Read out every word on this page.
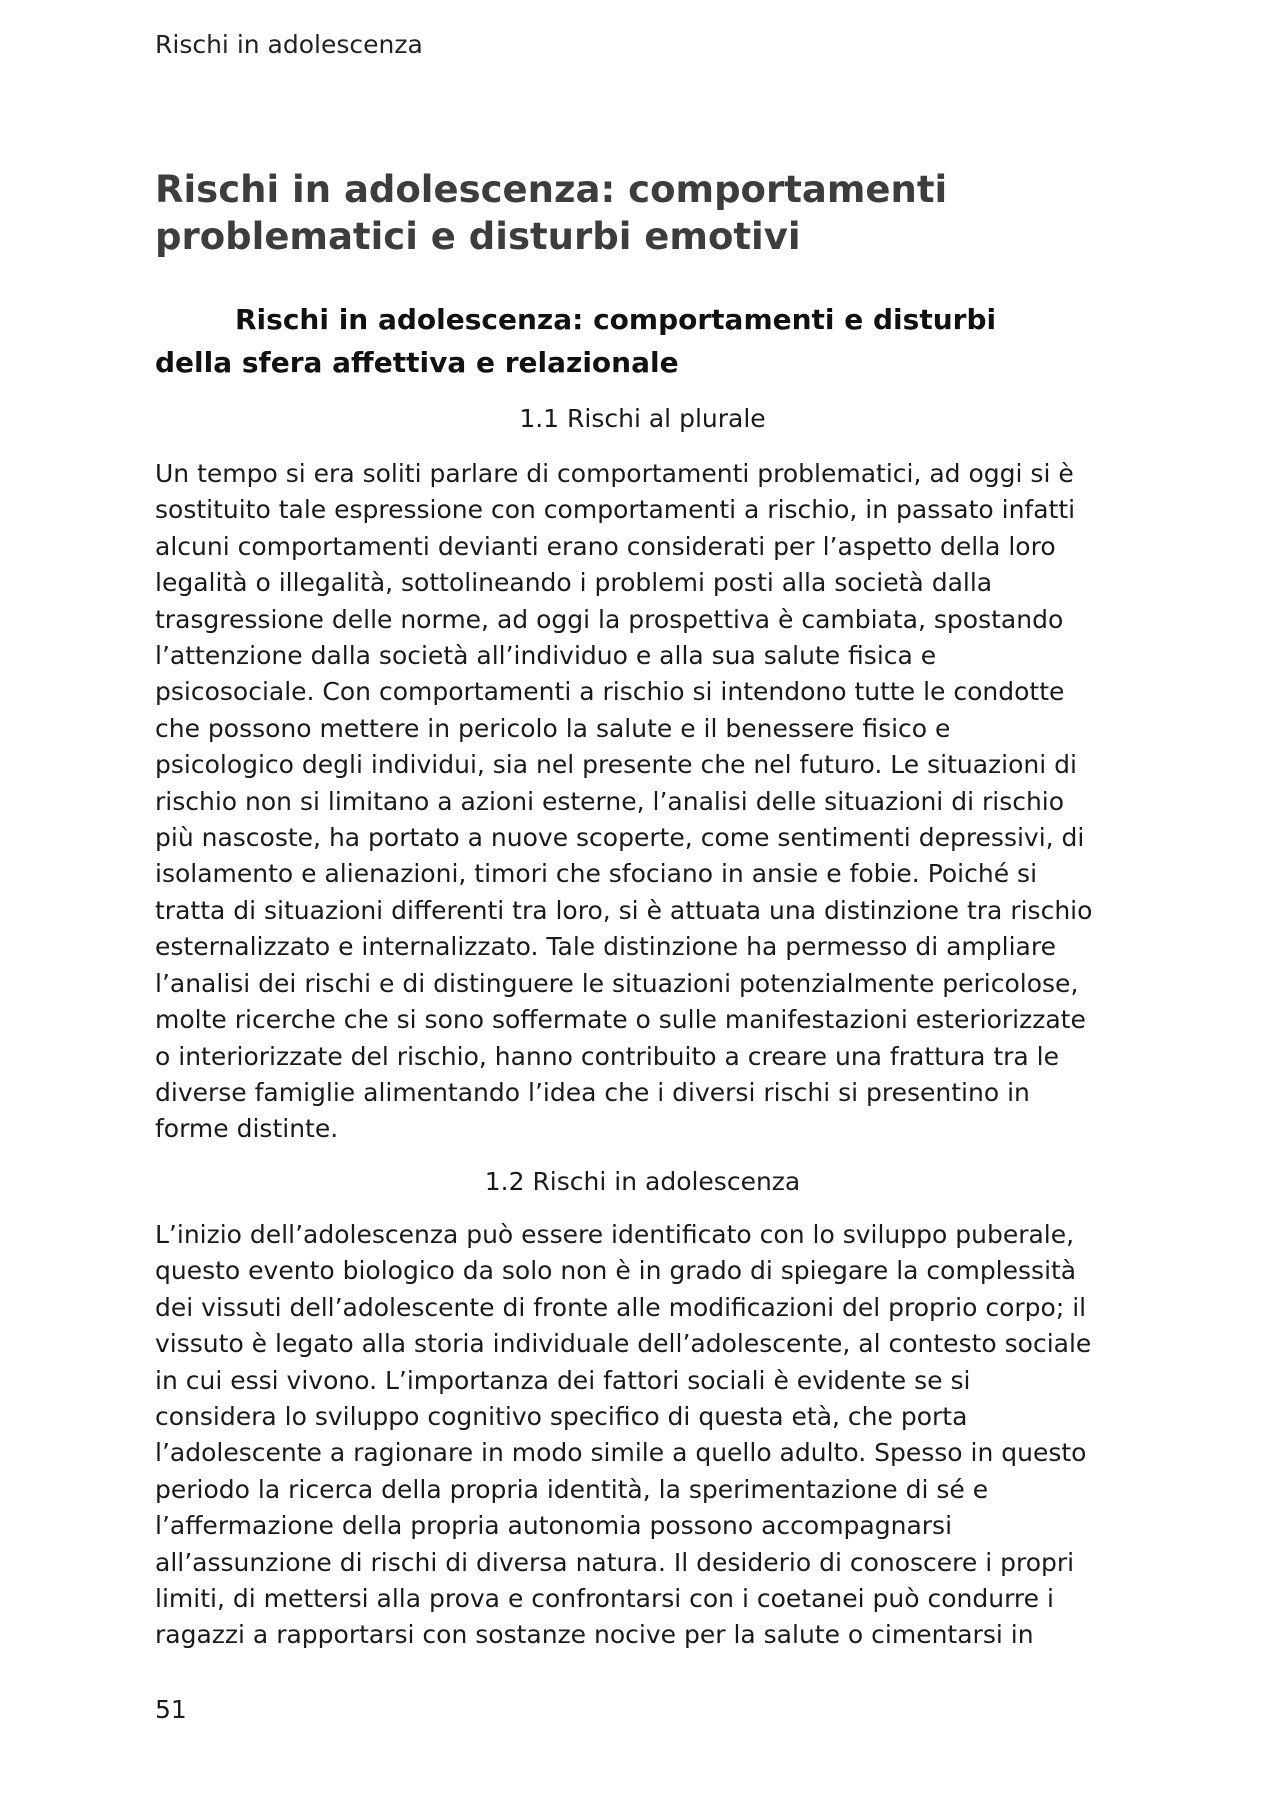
Rischi in adolescenza
Rischi in adolescenza: comportamenti
problematici e disturbi emotivi
Rischi in adolescenza: comportamenti e disturbi
della sfera affettiva e relazionale
1.1 Rischi al plurale
Un tempo si era soliti parlare di comportamenti problematici, ad oggi si è
sostituito tale espressione con comportamenti a rischio, in passato infatti
alcuni comportamenti devianti erano considerati per l’aspetto della loro
legalità o illegalità, sottolineando i problemi posti alla società dalla
trasgressione delle norme, ad oggi la prospettiva è cambiata, spostando
l’attenzione dalla società all’individuo e alla sua salute fisica e
psicosociale. Con comportamenti a rischio si intendono tutte le condotte
che possono mettere in pericolo la salute e il benessere fisico e
psicologico degli individui, sia nel presente che nel futuro. Le situazioni di
rischio non si limitano a azioni esterne, l’analisi delle situazioni di rischio
più nascoste, ha portato a nuove scoperte, come sentimenti depressivi, di
isolamento e alienazioni, timori che sfociano in ansie e fobie. Poiché si
tratta di situazioni differenti tra loro, si è attuata una distinzione tra rischio
esternalizzato e internalizzato. Tale distinzione ha permesso di ampliare
l’analisi dei rischi e di distinguere le situazioni potenzialmente pericolose,
molte ricerche che si sono soffermate o sulle manifestazioni esteriorizzate
o interiorizzate del rischio, hanno contribuito a creare una frattura tra le
diverse famiglie alimentando l’idea che i diversi rischi si presentino in
forme distinte.
1.2 Rischi in adolescenza
L’inizio dell’adolescenza può essere identificato con lo sviluppo puberale,
questo evento biologico da solo non è in grado di spiegare la complessità
dei vissuti dell’adolescente di fronte alle modificazioni del proprio corpo; il
vissuto è legato alla storia individuale dell’adolescente, al contesto sociale
in cui essi vivono. L’importanza dei fattori sociali è evidente se si
considera lo sviluppo cognitivo specifico di questa età, che porta
l’adolescente a ragionare in modo simile a quello adulto. Spesso in questo
periodo la ricerca della propria identità, la sperimentazione di sé e
l’affermazione della propria autonomia possono accompagnarsi
all’assunzione di rischi di diversa natura. Il desiderio di conoscere i propri
limiti, di mettersi alla prova e confrontarsi con i coetanei può condurre i
ragazzi a rapportarsi con sostanze nocive per la salute o cimentarsi in
51
